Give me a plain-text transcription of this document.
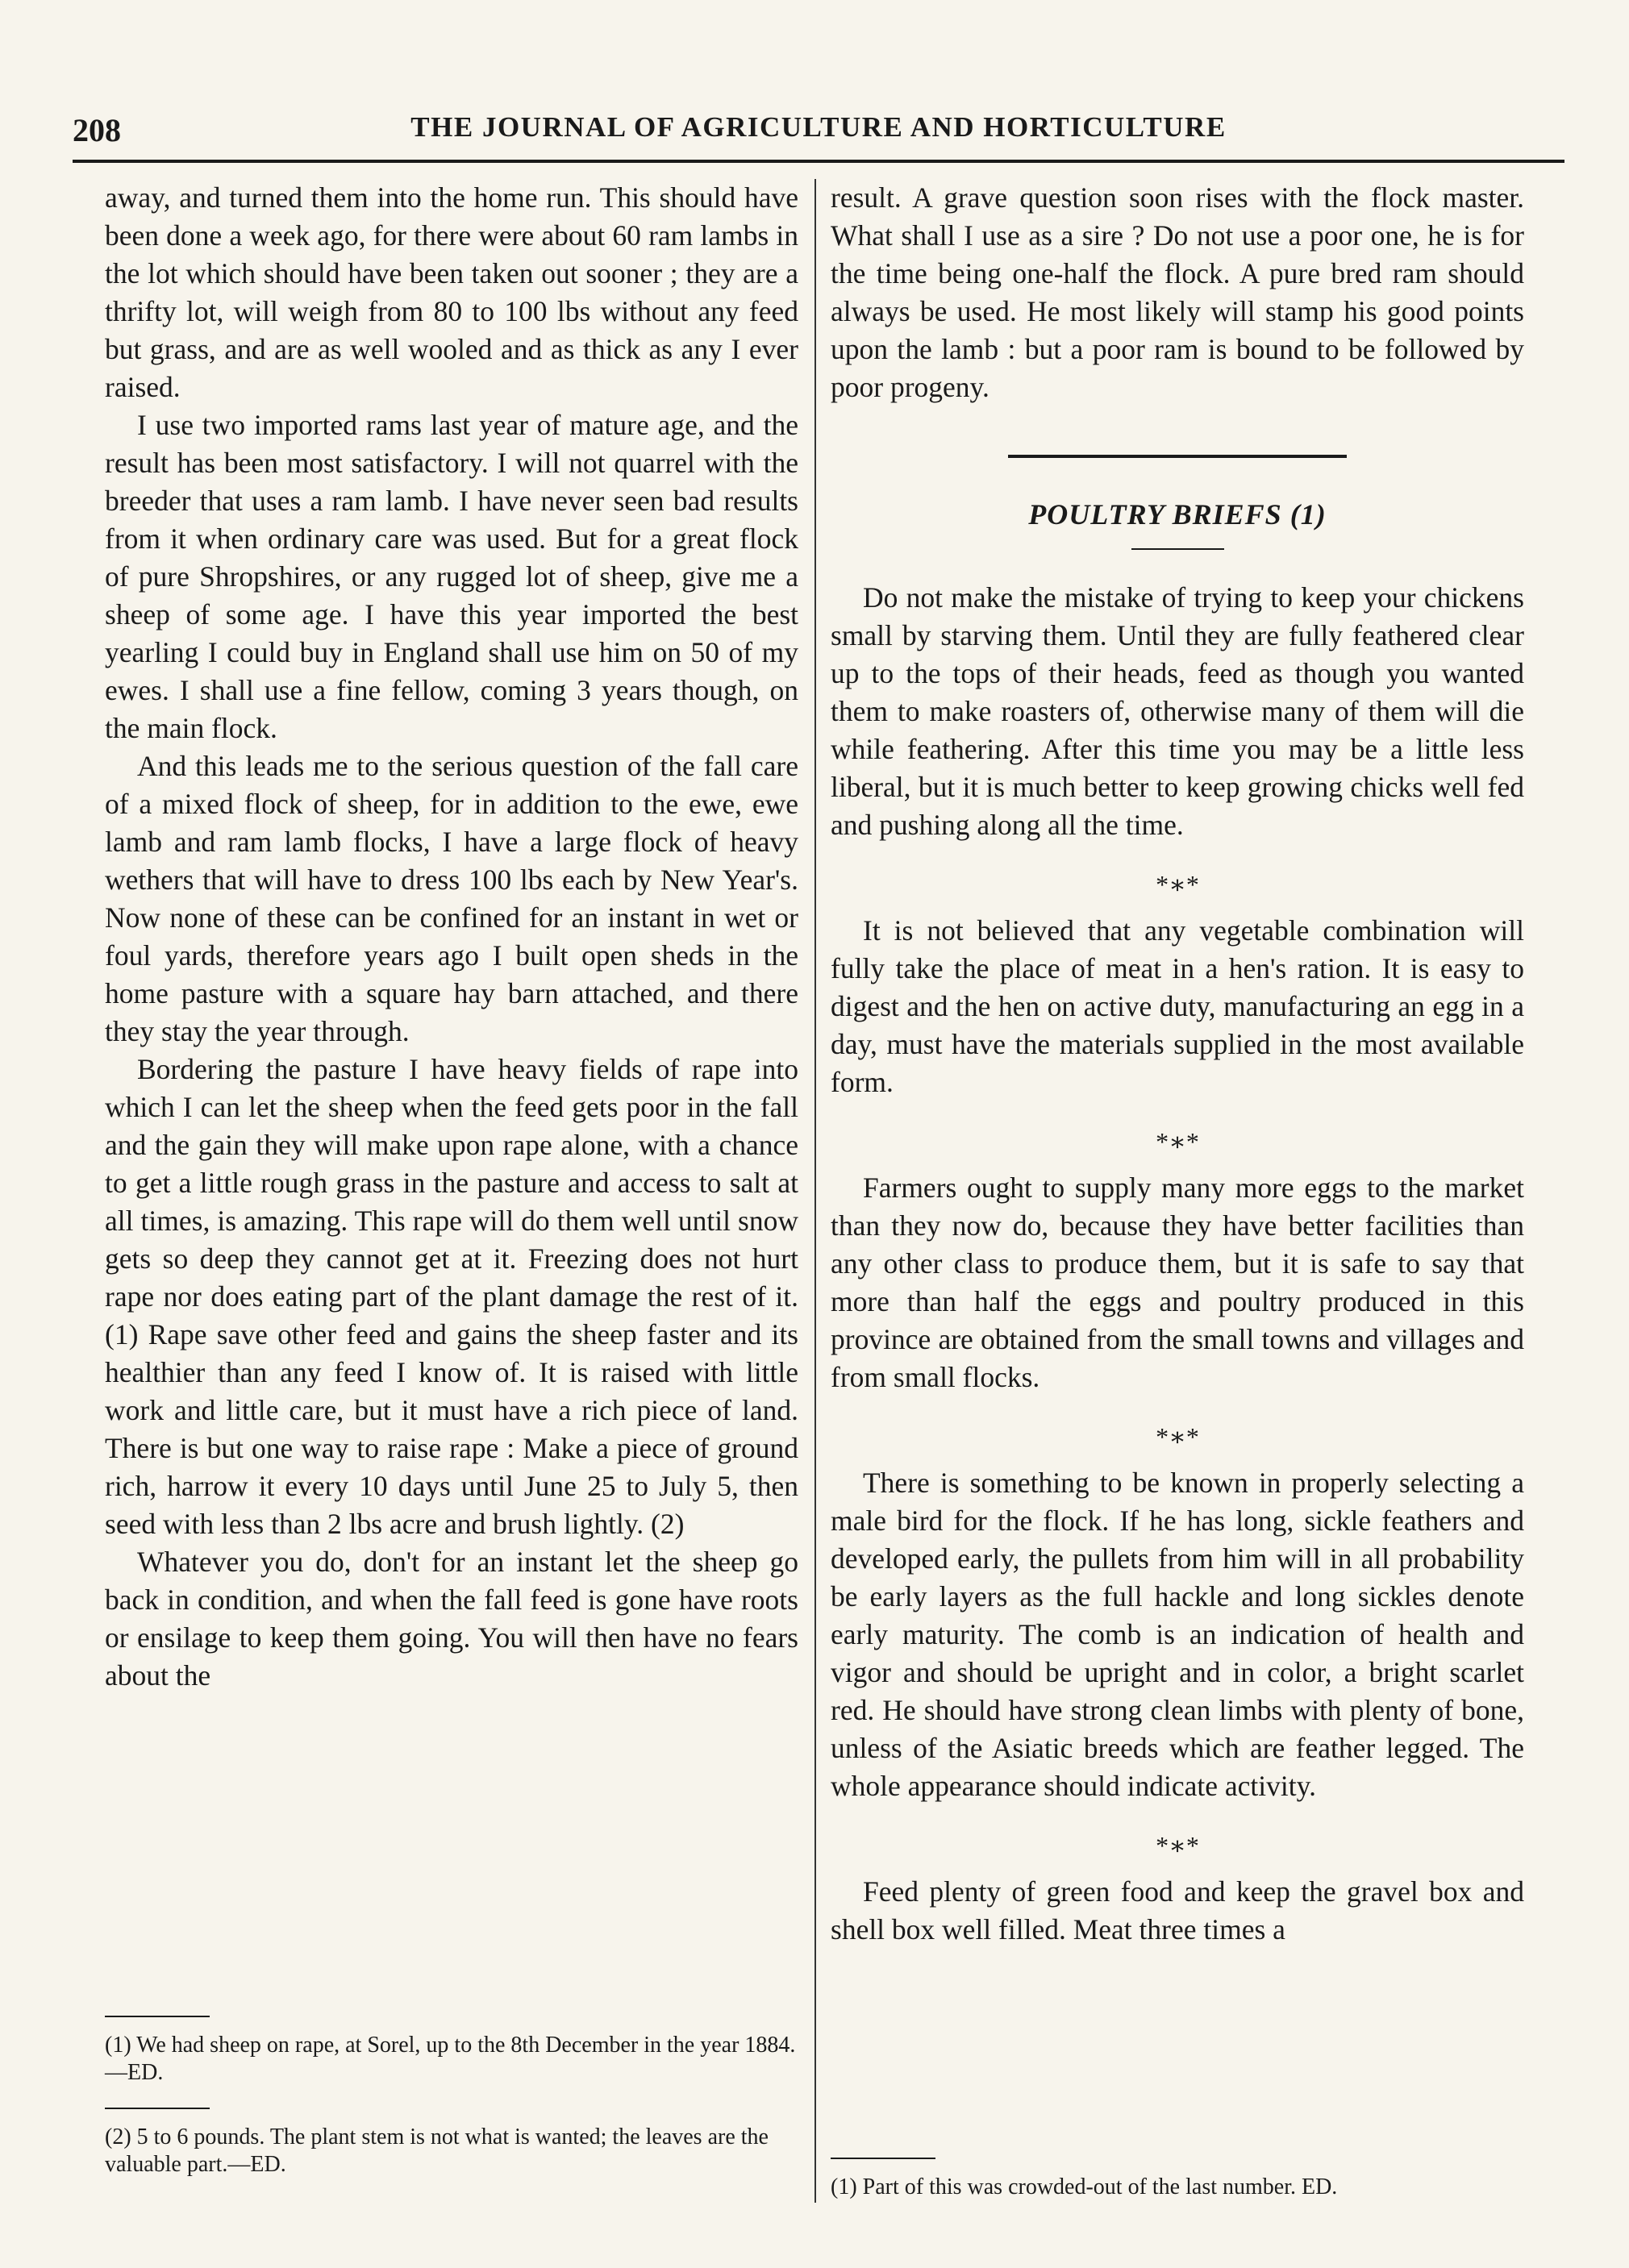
208	THE JOURNAL OF AGRICULTURE AND HORTICULTURE

away, and turned them into the home run. This should have been done a week ago, for there were about 60 ram lambs in the lot which should have been taken out sooner ; they are a thrifty lot, will weigh from 80 to 100 lbs without any feed but grass, and are as well wooled and as thick as any I ever raised.

I use two imported rams last year of mature age, and the result has been most satisfactory. I will not quarrel with the breeder that uses a ram lamb. I have never seen bad results from it when ordinary care was used. But for a great flock of pure Shropshires, or any rugged lot of sheep, give me a sheep of some age. I have this year imported the best yearling I could buy in England shall use him on 50 of my ewes. I shall use a fine fellow, coming 3 years though, on the main flock.

And this leads me to the serious question of the fall care of a mixed flock of sheep, for in addition to the ewe, ewe lamb and ram lamb flocks, I have a large flock of heavy wethers that will have to dress 100 lbs each by New Year's. Now none of these can be confined for an instant in wet or foul yards, therefore years ago I built open sheds in the home pasture with a square hay barn attached, and there they stay the year through.

Bordering the pasture I have heavy fields of rape into which I can let the sheep when the feed gets poor in the fall and the gain they will make upon rape alone, with a chance to get a little rough grass in the pasture and access to salt at all times, is amazing. This rape will do them well until snow gets so deep they cannot get at it. Freezing does not hurt rape nor does eating part of the plant damage the rest of it. (1) Rape save other feed and gains the sheep faster and its healthier than any feed I know of. It is raised with little work and little care, but it must have a rich piece of land. There is but one way to raise rape : Make a piece of ground rich, harrow it every 10 days until June 25 to July 5, then seed with less than 2 lbs acre and brush lightly. (2)

Whatever you do, don't for an instant let the sheep go back in condition, and when the fall feed is gone have roots or ensilage to keep them going. You will then have no fears about the

(1) We had sheep on rape, at Sorel, up to the 8th December in the year 1884.—ED.

(2) 5 to 6 pounds. The plant stem is not what is wanted; the leaves are the valuable part.—ED.

result. A grave question soon rises with the flock master. What shall I use as a sire ? Do not use a poor one, he is for the time being one-half the flock. A pure bred ram should always be used. He most likely will stamp his good points upon the lamb : but a poor ram is bound to be followed by poor progeny.

POULTRY BRIEFS (1)

Do not make the mistake of trying to keep your chickens small by starving them. Until they are fully feathered clear up to the tops of their heads, feed as though you wanted them to make roasters of, otherwise many of them will die while feathering. After this time you may be a little less liberal, but it is much better to keep growing chicks well fed and pushing along all the time.

*∗*

It is not believed that any vegetable combination will fully take the place of meat in a hen's ration. It is easy to digest and the hen on active duty, manufacturing an egg in a day, must have the materials supplied in the most available form.

*∗*

Farmers ought to supply many more eggs to the market than they now do, because they have better facilities than any other class to produce them, but it is safe to say that more than half the eggs and poultry produced in this province are obtained from the small towns and villages and from small flocks.

*∗*

There is something to be known in properly selecting a male bird for the flock. If he has long, sickle feathers and developed early, the pullets from him will in all probability be early layers as the full hackle and long sickles denote early maturity. The comb is an indication of health and vigor and should be upright and in color, a bright scarlet red. He should have strong clean limbs with plenty of bone, unless of the Asiatic breeds which are feather legged. The whole appearance should indicate activity.

*∗*

Feed plenty of green food and keep the gravel box and shell box well filled. Meat three times a

(1) Part of this was crowded-out of the last number. ED.
